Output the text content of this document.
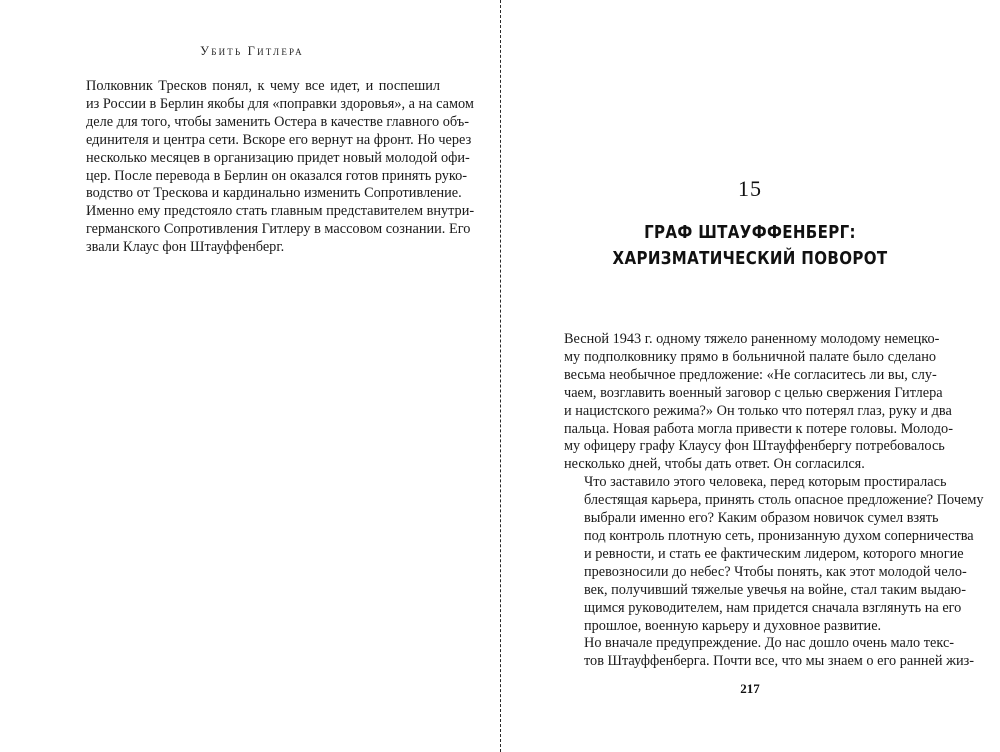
Убить Гитлера

Полковник Тресков понял, к чему все идет, и поспешил
из России в Берлин якобы для «поправки здоровья», а на самом
деле для того, чтобы заменить Остера в качестве главного объ-
единителя и центра сети. Вскоре его вернут на фронт. Но через
несколько месяцев в организацию придет новый молодой офи-
цер. После перевода в Берлин он оказался готов принять руко-
водство от Трескова и кардинально изменить Сопротивление.
Именно ему предстояло стать главным представителем внутри-
германского Сопротивления Гитлеру в массовом сознании. Его
звали Клаус фон Штауффенберг.

15
ГРАФ ШТАУФФЕНБЕРГ:
ХАРИЗМАТИЧЕСКИЙ ПОВОРОТ

Весной 1943 г. одному тяжело раненному молодому немецко-
му подполковнику прямо в больничной палате было сделано
весьма необычное предложение: «Не согласитесь ли вы, слу-
чаем, возглавить военный заговор с целью свержения Гитлера
и нацистского режима?» Он только что потерял глаз, руку и два
пальца. Новая работа могла привести к потере головы. Молодо-
му офицеру графу Клаусу фон Штауффенбергу потребовалось
несколько дней, чтобы дать ответ. Он согласился.

Что заставило этого человека, перед которым простиралась
блестящая карьера, принять столь опасное предложение? Почему
выбрали именно его? Каким образом новичок сумел взять
под контроль плотную сеть, пронизанную духом соперничества
и ревности, и стать ее фактическим лидером, которого многие
превозносили до небес? Чтобы понять, как этот молодой чело-
век, получивший тяжелые увечья на войне, стал таким выдаю-
щимся руководителем, нам придется сначала взглянуть на его
прошлое, военную карьеру и духовное развитие.

Но вначале предупреждение. До нас дошло очень мало текс-
тов Штауффенберга. Почти все, что мы знаем о его ранней жиз-

217
